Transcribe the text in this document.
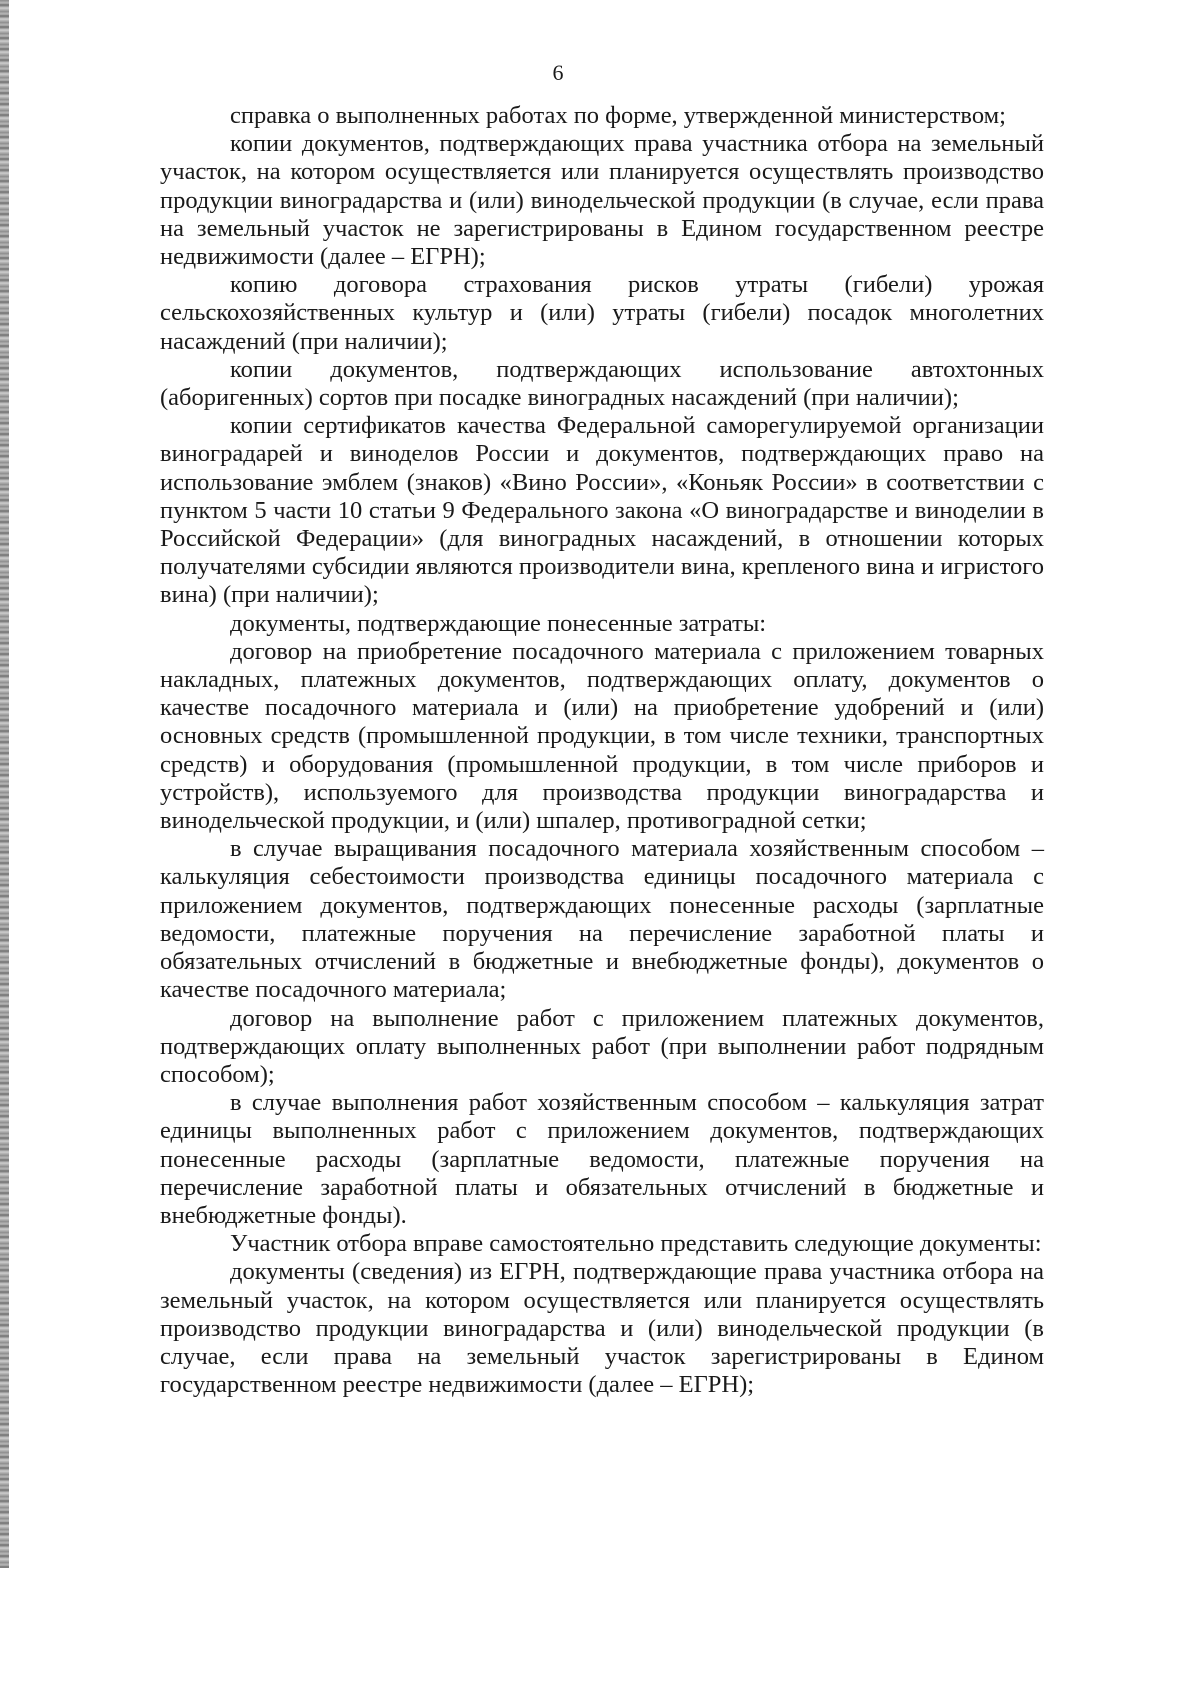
6

справка о выполненных работах по форме, утвержденной министерством;

копии документов, подтверждающих права участника отбора на земельный участок, на котором осуществляется или планируется осуществлять производство продукции виноградарства и (или) винодельческой продукции (в случае, если права на земельный участок не зарегистрированы в Едином государственном реестре недвижимости (далее – ЕГРН);

копию договора страхования рисков утраты (гибели) урожая сельскохозяйственных культур и (или) утраты (гибели) посадок многолетних насаждений (при наличии);

копии документов, подтверждающих использование автохтонных (аборигенных) сортов при посадке виноградных насаждений (при наличии);

копии сертификатов качества Федеральной саморегулируемой организации виноградарей и виноделов России и документов, подтверждающих право на использование эмблем (знаков) «Вино России», «Коньяк России» в соответствии с пунктом 5 части 10 статьи 9 Федерального закона «О виноградарстве и виноделии в Российской Федерации» (для виноградных насаждений, в отношении которых получателями субсидии являются производители вина, крепленого вина и игристого вина) (при наличии);

документы, подтверждающие понесенные затраты:

договор на приобретение посадочного материала с приложением товарных накладных, платежных документов, подтверждающих оплату, документов о качестве посадочного материала и (или) на приобретение удобрений и (или) основных средств (промышленной продукции, в том числе техники, транспортных средств) и оборудования (промышленной продукции, в том числе приборов и устройств), используемого для производства продукции виноградарства и винодельческой продукции, и (или) шпалер, противоградной сетки;

в случае выращивания посадочного материала хозяйственным способом – калькуляция себестоимости производства единицы посадочного материала с приложением документов, подтверждающих понесенные расходы (зарплатные ведомости, платежные поручения на перечисление заработной платы и обязательных отчислений в бюджетные и внебюджетные фонды), документов о качестве посадочного материала;

договор на выполнение работ с приложением платежных документов, подтверждающих оплату выполненных работ (при выполнении работ подрядным способом);

в случае выполнения работ хозяйственным способом – калькуляция затрат единицы выполненных работ с приложением документов, подтверждающих понесенные расходы (зарплатные ведомости, платежные поручения на перечисление заработной платы и обязательных отчислений в бюджетные и внебюджетные фонды).

Участник отбора вправе самостоятельно представить следующие документы:

документы (сведения) из ЕГРН, подтверждающие права участника отбора на земельный участок, на котором осуществляется или планируется осуществлять производство продукции виноградарства и (или) винодельческой продукции (в случае, если права на земельный участок зарегистрированы в Едином государственном реестре недвижимости (далее – ЕГРН);
